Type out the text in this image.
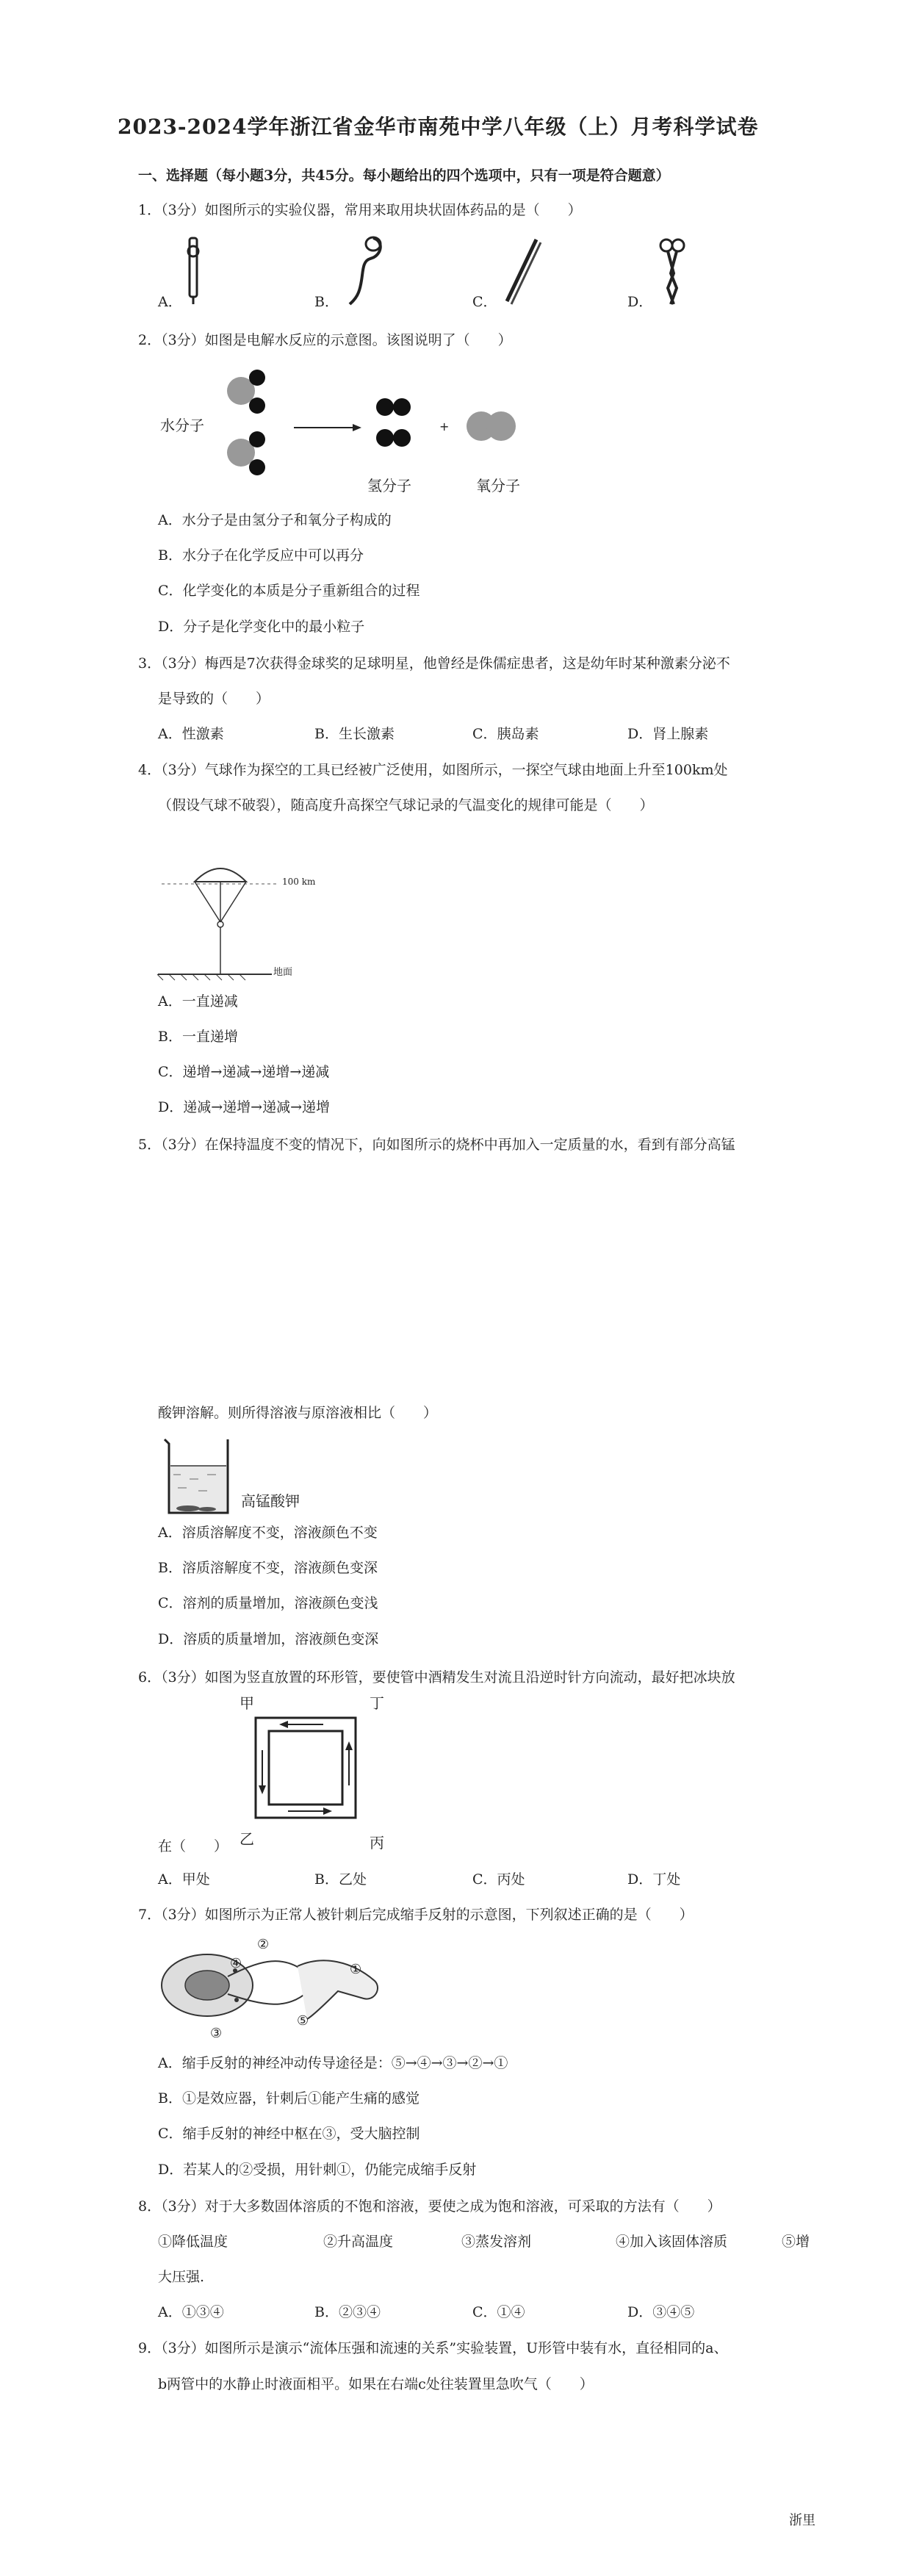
2023-2024学年浙江省金华市南苑中学八年级（上）月考科学试卷
一、选择题（每小题3分，共45分。每小题给出的四个选项中，只有一项是符合题意）
1．（3分）如图所示的实验仪器，常用来取用块状固体药品的是（　　）
A．	B．	C．	D．
2．（3分）如图是电解水反应的示意图。该图说明了（　　）
水分子	+
氢分子	氧分子
A．水分子是由氢分子和氧分子构成的
B．水分子在化学反应中可以再分
C．化学变化的本质是分子重新组合的过程
D．分子是化学变化中的最小粒子
3．（3分）梅西是7次获得金球奖的足球明星，他曾经是侏儒症患者，这是幼年时某种激素分泌不
是导致的（　　）
A．性激素	B．生长激素	C．胰岛素	D．肾上腺素
4．（3分）气球作为探空的工具已经被广泛使用，如图所示，一探空气球由地面上升至100km处
（假设气球不破裂），随高度升高探空气球记录的气温变化的规律可能是（　　）
100 km
地面
A．一直递减
B．一直递增
C．递增→递减→递增→递减
D．递减→递增→递减→递增
5．（3分）在保持温度不变的情况下，向如图所示的烧杯中再加入一定质量的水，看到有部分高锰
酸钾溶解。则所得溶液与原溶液相比（　　）
高锰酸钾
A．溶质溶解度不变，溶液颜色不变
B．溶质溶解度不变，溶液颜色变深
C．溶剂的质量增加，溶液颜色变浅
D．溶质的质量增加，溶液颜色变深
6．（3分）如图为竖直放置的环形管，要使管中酒精发生对流且沿逆时针方向流动，最好把冰块放
甲	丁
乙	丙
在（　　）
A．甲处	B．乙处	C．丙处	D．丁处
7．（3分）如图所示为正常人被针刺后完成缩手反射的示意图，下列叙述正确的是（　　）
②
④	①
⑤
③
A．缩手反射的神经冲动传导途径是：⑤→④→③→②→①
B．①是效应器，针刺后①能产生痛的感觉
C．缩手反射的神经中枢在③，受大脑控制
D．若某人的②受损，用针刺①，仍能完成缩手反射
8．（3分）对于大多数固体溶质的不饱和溶液，要使之成为饱和溶液，可采取的方法有（　　）
①降低温度	②升高温度	③蒸发溶剂	④加入该固体溶质	⑤增
大压强.
A．①③④	B．②③④	C．①④	D．③④⑤
9．（3分）如图所示是演示“流体压强和流速的关系”实验装置，U形管中装有水，直径相同的a、
b两管中的水静止时液面相平。如果在右端c处往装置里急吹气（　　）
浙里
